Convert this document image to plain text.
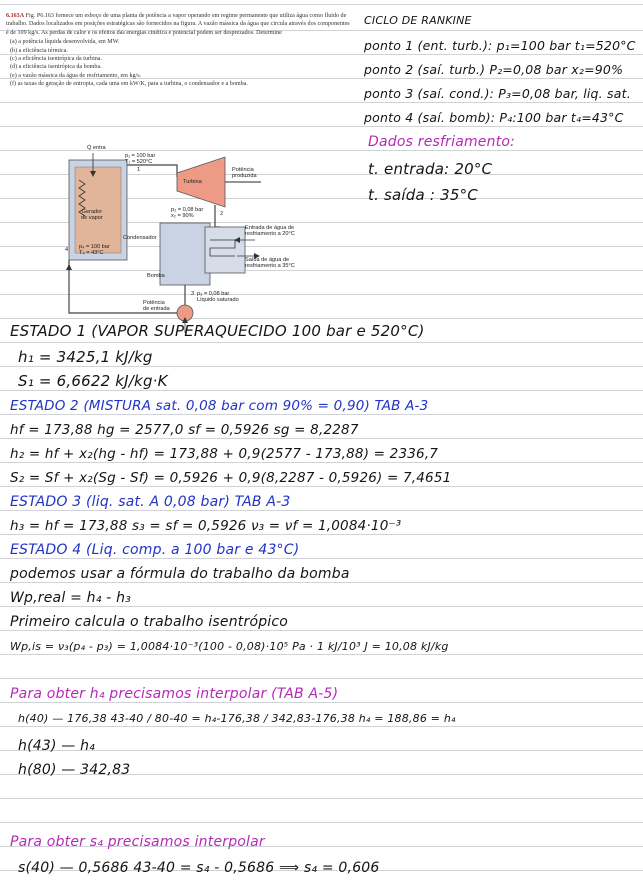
6.163A Fig. P6.163 fornece um esboço de uma planta de potência a vapor operando em regime permanente que utiliza água como fluido de trabalho. Dados localizados em posições estratégicas são fornecidos na figura. A vazão mássica da água que circula através dos componentes é de 109 kg/s. As perdas de calor e os efeitos das energias cinética e potencial podem ser desprezados. Determine
(a) a potência líquida desenvolvida, em MW.
(b) a eficiência térmica.
(c) a eficiência isentrópica da turbina.
(d) a eficiência isentrópica da bomba.
(e) a vazão mássica da água de resfriamento, em kg/s.
(f) as taxas de geração de entropia, cada uma em kW/K, para a turbina, o condensador e a bomba.
Q̇ entra
p₁ = 100 bar
T₁ = 520°C
1
Turbina
Potência
produzida
Gerador
de vapor
p₂ = 0,08 bar
x₂ = 90%	2
Entrada de água de
resfriamento a 20°C
Condensador
p₄ = 100 bar
T₄ = 43°C
4
Saída de água de
resfriamento a 35°C
Bomba
3 p₃ = 0,08 bar
Líquido saturado
Potência
de entrada
CICLO DE RANKINE
ponto 1 (ent. turb.): p₁=100 bar t₁=520°C
ponto 2 (saí. turb.) P₂=0,08 bar x₂=90%
ponto 3 (saí. cond.): P₃=0,08 bar, liq. sat.
ponto 4 (saí. bomb): P₄:100 bar t₄=43°C
Dados resfriamento:
t. entrada: 20°C
t. saída : 35°C
ESTADO 1 (VAPOR SUPERAQUECIDO 100 bar e 520°C)
h₁ = 3425,1 kJ/kg
S₁ = 6,6622 kJ/kg·K
ESTADO 2 (MISTURA sat. 0,08 bar com 90% = 0,90) TAB A-3
hf = 173,88 hg = 2577,0 sf = 0,5926 sg = 8,2287
h₂ = hf + x₂(hg - hf) = 173,88 + 0,9(2577 - 173,88) = 2336,7
S₂ = Sf + x₂(Sg - Sf) = 0,5926 + 0,9(8,2287 - 0,5926) = 7,4651
ESTADO 3 (liq. sat. A 0,08 bar) TAB A-3
h₃ = hf = 173,88 s₃ = sf = 0,5926 ν₃ = νf = 1,0084·10⁻³
ESTADO 4 (Liq. comp. a 100 bar e 43°C)
podemos usar a fórmula do trabalho da bomba
Wp,real = h₄ - h₃
Primeiro calcula o trabalho isentrópico
Wp,is = ν₃(p₄ - p₃) = 1,0084·10⁻³(100 - 0,08)·10⁵ Pa · 1 kJ/10³ J = 10,08 kJ/kg
Para obter h₄ precisamos interpolar (TAB A-5)
h(40) — 176,38 43-40 / 80-40 = h₄-176,38 / 342,83-176,38 h₄ = 188,86 = h₄
h(43) — h₄
h(80) — 342,83
Para obter s₄ precisamos interpolar
s(40) — 0,5686 43-40 = s₄ - 0,5686 ⟹ s₄ = 0,606
